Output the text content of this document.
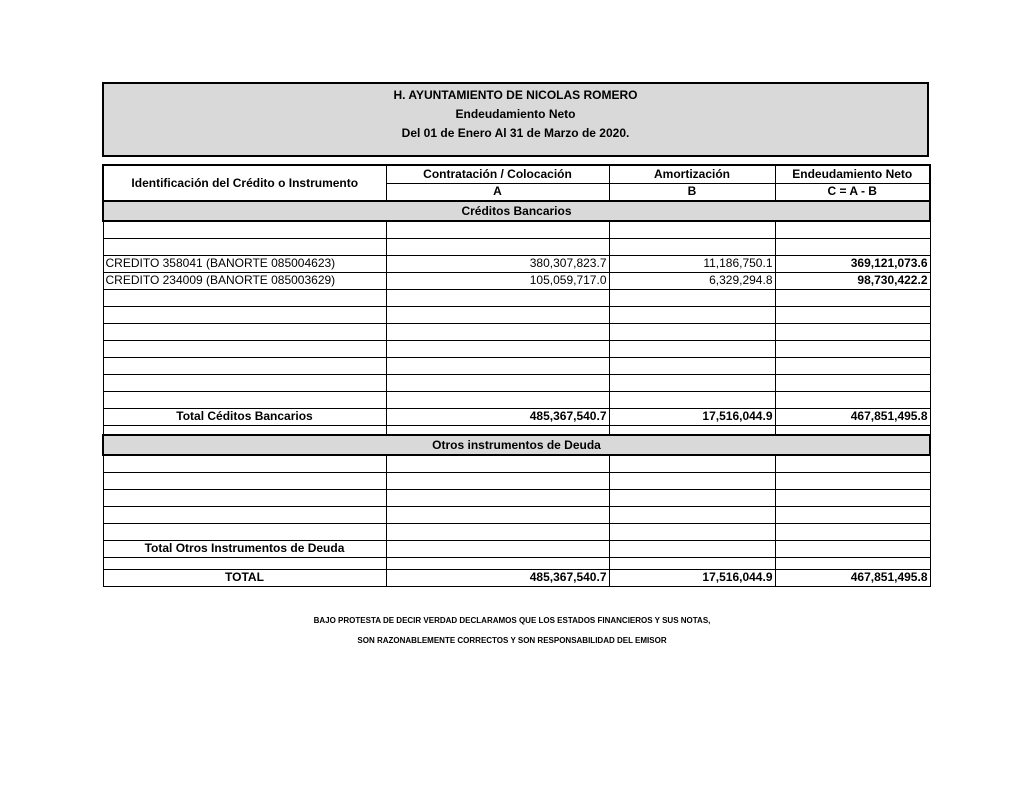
H. AYUNTAMIENTO DE NICOLAS ROMERO
Endeudamiento Neto
Del 01 de Enero Al 31 de Marzo de 2020.
Identificación del Crédito o Instrumento	Contratación / Colocación	Amortización	Endeudamiento Neto
	A	B	C = A - B
Créditos Bancarios			

CREDITO 358041 (BANORTE 085004623)	380,307,823.7	11,186,750.1	369,121,073.6
CREDITO 234009 (BANORTE 085003629)	105,059,717.0	6,329,294.8	98,730,422.2

Total Céditos Bancarios	485,367,540.7	17,516,044.9	467,851,495.8

Otros instrumentos de Deuda			

Total Otros Instrumentos de Deuda			

TOTAL	485,367,540.7	17,516,044.9	467,851,495.8
BAJO PROTESTA DE DECIR VERDAD DECLARAMOS QUE LOS ESTADOS FINANCIEROS Y SUS NOTAS,
SON RAZONABLEMENTE CORRECTOS Y SON RESPONSABILIDAD DEL EMISOR
